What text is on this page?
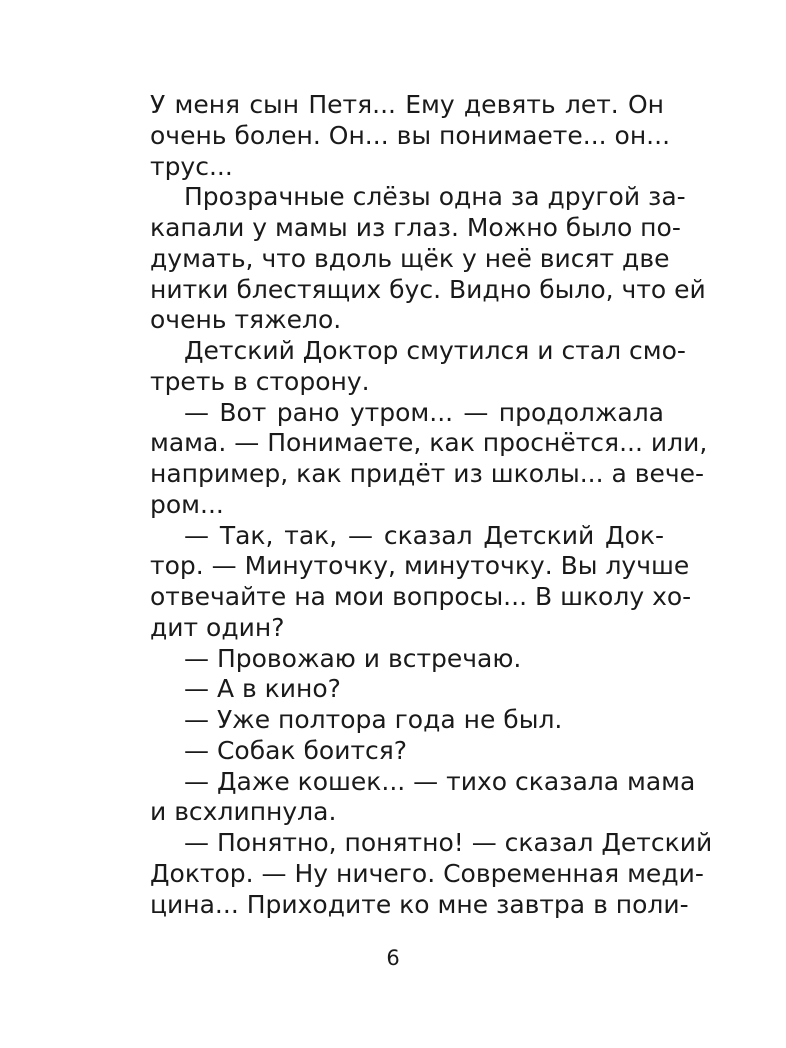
У меня сын Петя... Ему девять лет. Он
очень болен. Он... вы понимаете... он...
трус...
Прозрачные слёзы одна за другой за-
капали у мамы из глаз. Можно было по-
думать, что вдоль щёк у неё висят две
нитки блестящих бус. Видно было, что ей
очень тяжело.
Детский Доктор смутился и стал смо-
треть в сторону.
— Вот рано утром... — продолжала
мама. — Понимаете, как проснётся... или,
например, как придёт из школы... а вече-
ром...
— Так, так, — сказал Детский Док-
тор. — Минуточку, минуточку. Вы лучше
отвечайте на мои вопросы... В школу хо-
дит один?
— Провожаю и встречаю.
— А в кино?
— Уже полтора года не был.
— Собак боится?
— Даже кошек... — тихо сказала мама
и всхлипнула.
— Понятно, понятно! — сказал Детский
Доктор. — Ну ничего. Современная меди-
цина... Приходите ко мне завтра в поли-
6
